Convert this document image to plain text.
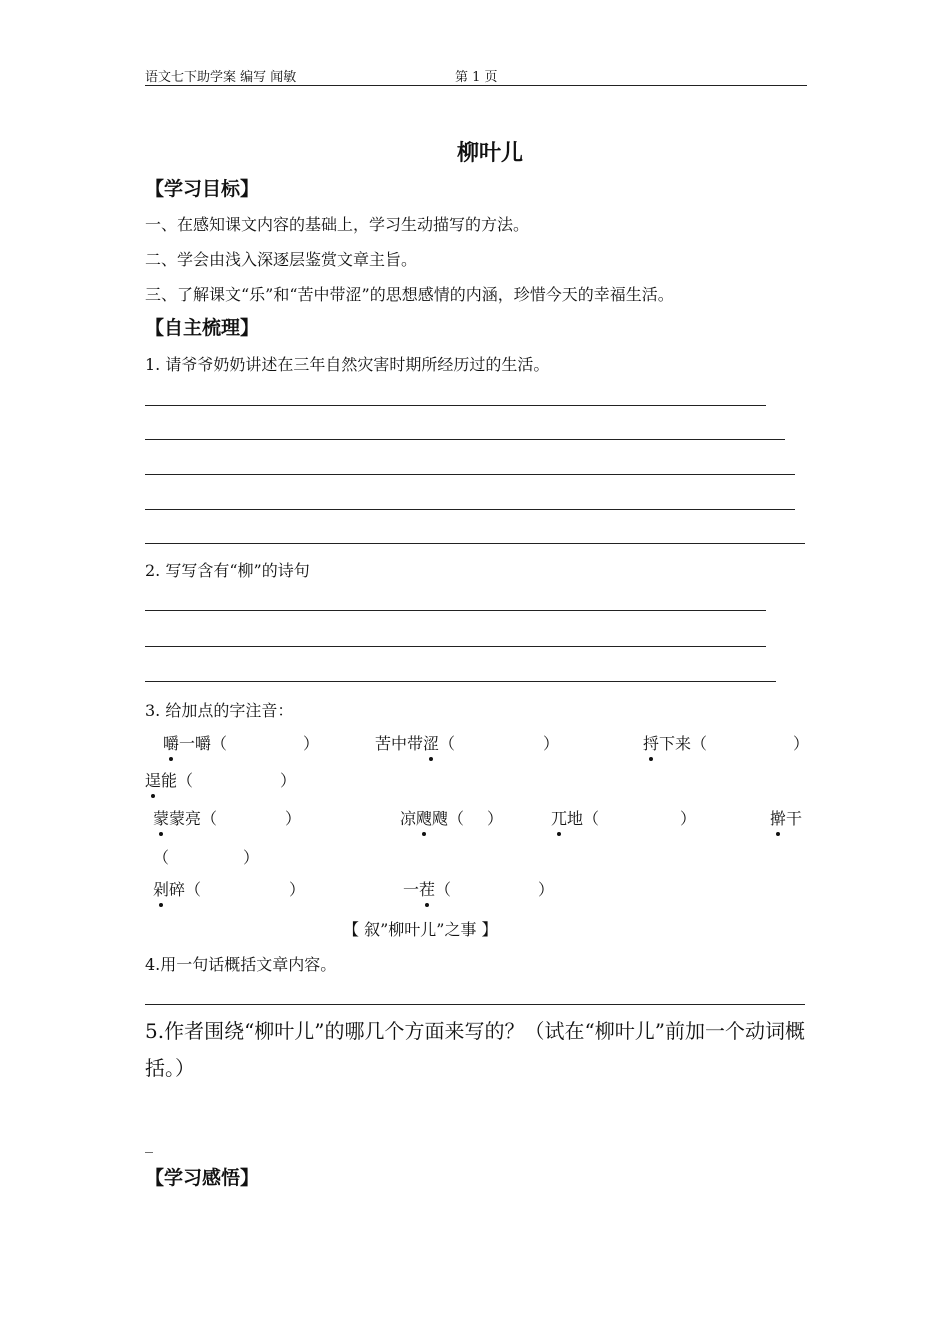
语文七下助学案 编写 闻敏	第 1 页
柳叶儿
【学习目标】
一、在感知课文内容的基础上，学习生动描写的方法。
二、学会由浅入深逐层鉴赏文章主旨。
三、了解课文“乐”和“苦中带涩”的思想感情的内涵，珍惜今天的幸福生活。
【自主梳理】
1. 请爷爷奶奶讲述在三年自然灾害时期所经历过的生活。
2. 写写含有“柳”的诗句
3. 给加点的字注音：
嚼一嚼（	）	苦中带涩（	）	捋下来（	）
逞能（	）
蒙蒙亮（	）	凉飕飕（ ）	兀地（	）	擀干
（	）
剁碎（	）	一茬（	）
【 叙”柳叶儿”之事 】
4.用一句话概括文章内容。
5.作者围绕“柳叶儿”的哪几个方面来写的？（试在“柳叶儿”前加一个动词概括。）
_
【学习感悟】
